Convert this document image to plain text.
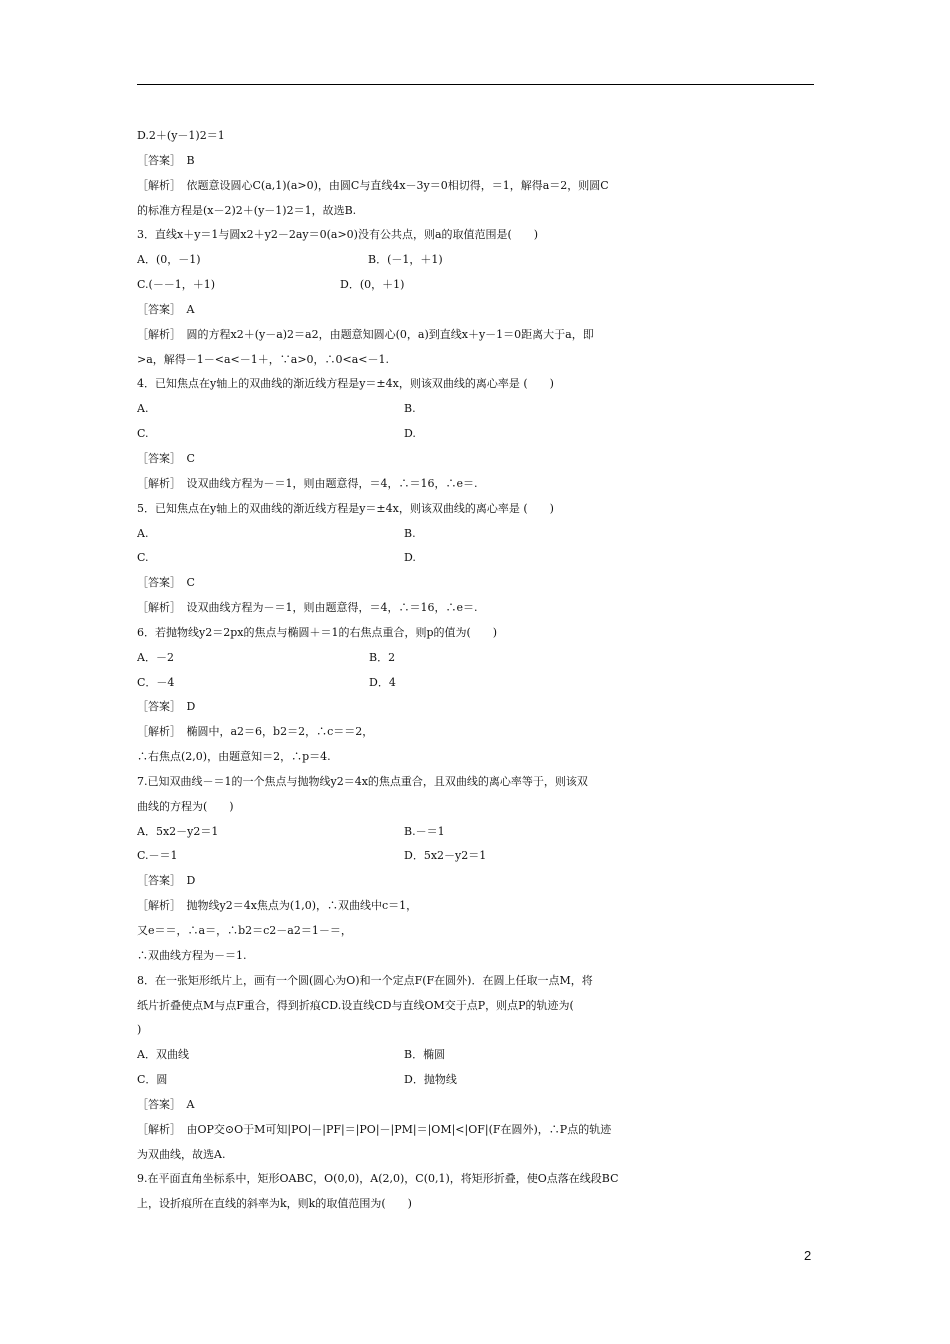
D.2＋(y－1)2＝1
［答案］　B
［解析］　依题意设圆心C(a,1)(a>0)，由圆C与直线4x－3y＝0相切得，＝1，解得a＝2，则圆C
的标准方程是(x－2)2＋(y－1)2＝1，故选B.
3．直线x＋y＝1与圆x2＋y2－2ay＝0(a>0)没有公共点，则a的取值范围是(　　)
A．(0，－1)	B．(－1，＋1)
C.(－－1，＋1)	D．(0，＋1)
［答案］　A
［解析］　圆的方程x2＋(y－a)2＝a2，由题意知圆心(0，a)到直线x＋y－1＝0距离大于a，即
>a，解得－1－<a<－1＋，∵a>0，∴0<a<－1.
4．已知焦点在y轴上的双曲线的渐近线方程是y＝±4x，则该双曲线的离心率是 (　　)
A.	B.
C.	D.
［答案］　C
［解析］　设双曲线方程为－＝1，则由题意得，＝4，∴＝16，∴e＝.
5．已知焦点在y轴上的双曲线的渐近线方程是y＝±4x，则该双曲线的离心率是 (　　)
A.	B.
C.	D.
［答案］　C
［解析］　设双曲线方程为－＝1，则由题意得，＝4，∴＝16，∴e＝.
6．若抛物线y2＝2px的焦点与椭圆＋＝1的右焦点重合，则p的值为(　　)
A．－2	B．2
C．－4	D．4
［答案］　D
［解析］　椭圆中，a2＝6，b2＝2，∴c＝＝2，
∴右焦点(2,0)，由题意知＝2，∴p＝4.
7.已知双曲线－＝1的一个焦点与抛物线y2＝4x的焦点重合，且双曲线的离心率等于，则该双
曲线的方程为(　　)
A．5x2－y2＝1	B.－＝1
C.－＝1	D．5x2－y2＝1
［答案］　D
［解析］　抛物线y2＝4x焦点为(1,0)，∴双曲线中c＝1，
又e＝＝，∴a＝，∴b2＝c2－a2＝1－＝，
∴双曲线方程为－＝1.
8．在一张矩形纸片上，画有一个圆(圆心为O)和一个定点F(F在圆外)．在圆上任取一点M，将
纸片折叠使点M与点F重合，得到折痕CD.设直线CD与直线OM交于点P，则点P的轨迹为(
)
A．双曲线	B．椭圆
C．圆	D．抛物线
［答案］　A
［解析］　由OP交⊙O于M可知|PO|－|PF|＝|PO|－|PM|＝|OM|<|OF|(F在圆外)，∴P点的轨迹
为双曲线，故选A.
9.在平面直角坐标系中，矩形OABC，O(0,0)，A(2,0)，C(0,1)，将矩形折叠，使O点落在线段BC
上，设折痕所在直线的斜率为k，则k的取值范围为(　　)
2
